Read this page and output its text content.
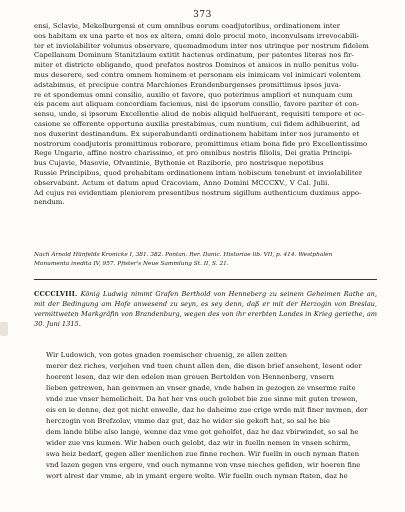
373

ensi, Sclavie, Mekelburgensi et cum omnibus eorum coadjutoribus, ordinationem inter
eos habitam ex una parte et nos ex altera, omni dolo procul moto, inconvulsam irrevocabili-
ter et inviolabiliter volumus observare, quemadmodum inter nos utrinque per nostrum fidelem
Capellanum Dominum Stanitzlaum extitit hactenus ordinatum, per patentes literas nos fir-
miter et districte obligando, quod prefatos nostros Dominos et amicos in nullo penitus volu-
mus deserere, sed contra omnem hominem et personam eis inimicam vel inimicari volentem
adstabimus, et precipue contra Marchiones Erandenburgenses promittimus ipsos juva-
re et spondemus omni consilio, auxilio et favore, quo poterimus ampliori et nunquam cum
eis pacem aut aliquam concordiam faciemus, nisi de ipsorum consilio, favore pariter et con-
sensu, unde, si ipsorum Excellentie aliud de nobis aliquid helfuerant, requisiti tempore et oc-
casione se offerente opportuna auxilia prestabimus, cum nuntium, cui fidem adhibuerint, ad
nos duxerint destinandum. Ex superabundanti ordinationem habitam inter nos juramento et
nostrorum coadjutoris promittimus roborare, promittimus etiam bona fide pro Excellentissimo
Rege Ungarie, affine nostro charissimo, et pro omnibus nostris filiolis, Dei gratia Principi-
bus Cujavie, Masovie, Ofvantinie, Bythonie et Raziborie, pro nostrisque nepotibus
Russie Principibus, quod prehabitam ordinationem intam nobiscum tenebunt et inviolabiliter
observabunt. Actum et datum apud Cracoviam, Anno Domini MCCCXV., V Cal. Julii.
Ad cujus rei evidentiam pleniorem presentibus nostrum sigillum authenticum duximus appo-
nendum.

Nach Arnold Hünfelds Kronicke I, 381. 382. Pontan. Rer. Danic. Historiae lib. VII, p. 414. Westphalen

Monumenta inedita IV, 957. Pfister's Neue Sammlung St. II, S. 21.

CCCCLVIII. König Ludwig nimmt Grafen Berthold von Henneberg zu seinem Geheimen Rathe an, mit der Bedingung am Hofe anwesend zu seyn, es sey denn, daß er mit der Herzogin von Breslau, vermittweten Markgräfin von Brandenburg, wegen des von ihr ererbten Landes in Krieg geriethe, am 30. Juni 1315.

Wir Ludowich, von gotes gnaden roemischer chuenig, ze allen zeiten
merer dez riches, verjehen vnd tuen chunt allen den, die disen brief ansehent, lesent oder
hoerent lesen, daz wir den edelen man greuen Bertolden von Hennenberg, vnsern
lieben getrewen, han genvmen an vnser gnade, vnde haben in gezogen ze vnserme raite
vnde zue vnser hemelicheit. Da hat her vns ouch gelobet bie zue sinne mit guten trewen,
eis en ie denne, dez got nicht enwelle, daz he daheime zue crige wrde mit finer mvmen, der
herczogin von Brefzolav, vmme daz gut, daz he wider sie gekoft hat, so sal he bie
dem lande blibe also lange, wenne daz vme got geholfet, daz he daz vbirwindet, so sal he
wider zue vns kumen. Wir haben ouch gelobt, daz wir in fuelln nemen in vnsen schirm,
swa heiz bedarf, gegen aller menlichen zue finne rechen. Wir fuelln in ouch nyman ftaten
vnd lazen gegen vns ergere, vnd ouch nymanne von vnse nieches gefiden, wir hoeren fine
wort alrest dar vmme, ab in ymant ergere wolte. Wir fuelln ouch nyman ftaten, daz he
